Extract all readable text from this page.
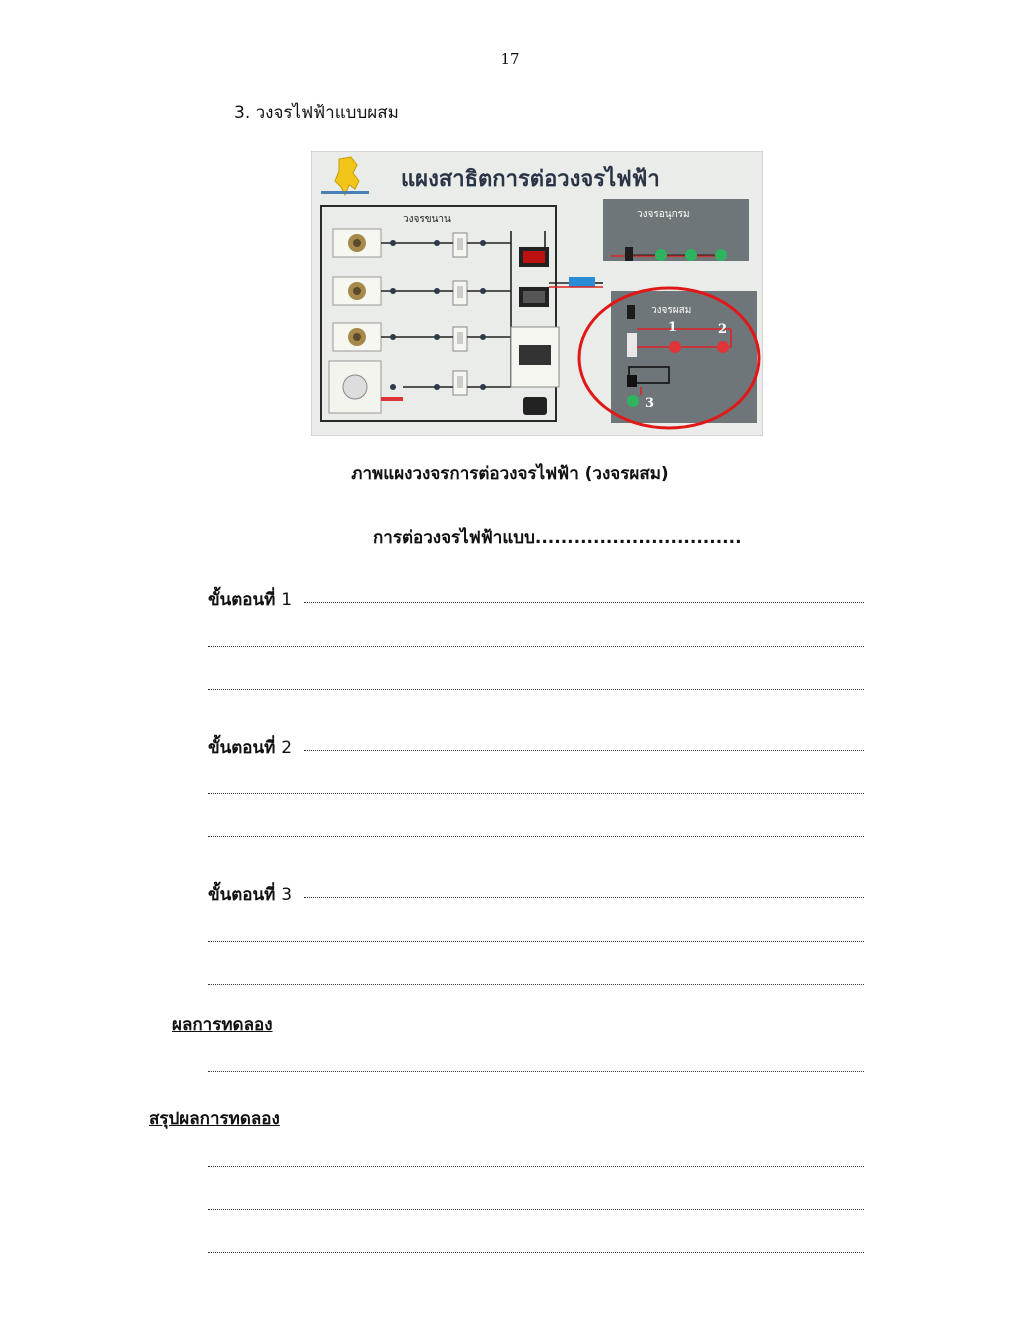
17
3. วงจรไฟฟ้าแบบผสม
แผงสาธิตการต่อวงจรไฟฟ้า
วงจรขนาน	วงจรอนุกรม
วงจรผสม
1	2
3
ภาพแผงวงจรการต่อวงจรไฟฟ้า (วงจรผสม)
การต่อวงจรไฟฟ้าแบบ................................
ขั้นตอนที่ 1
ขั้นตอนที่ 2
ขั้นตอนที่ 3
ผลการทดลอง
สรุปผลการทดลอง
